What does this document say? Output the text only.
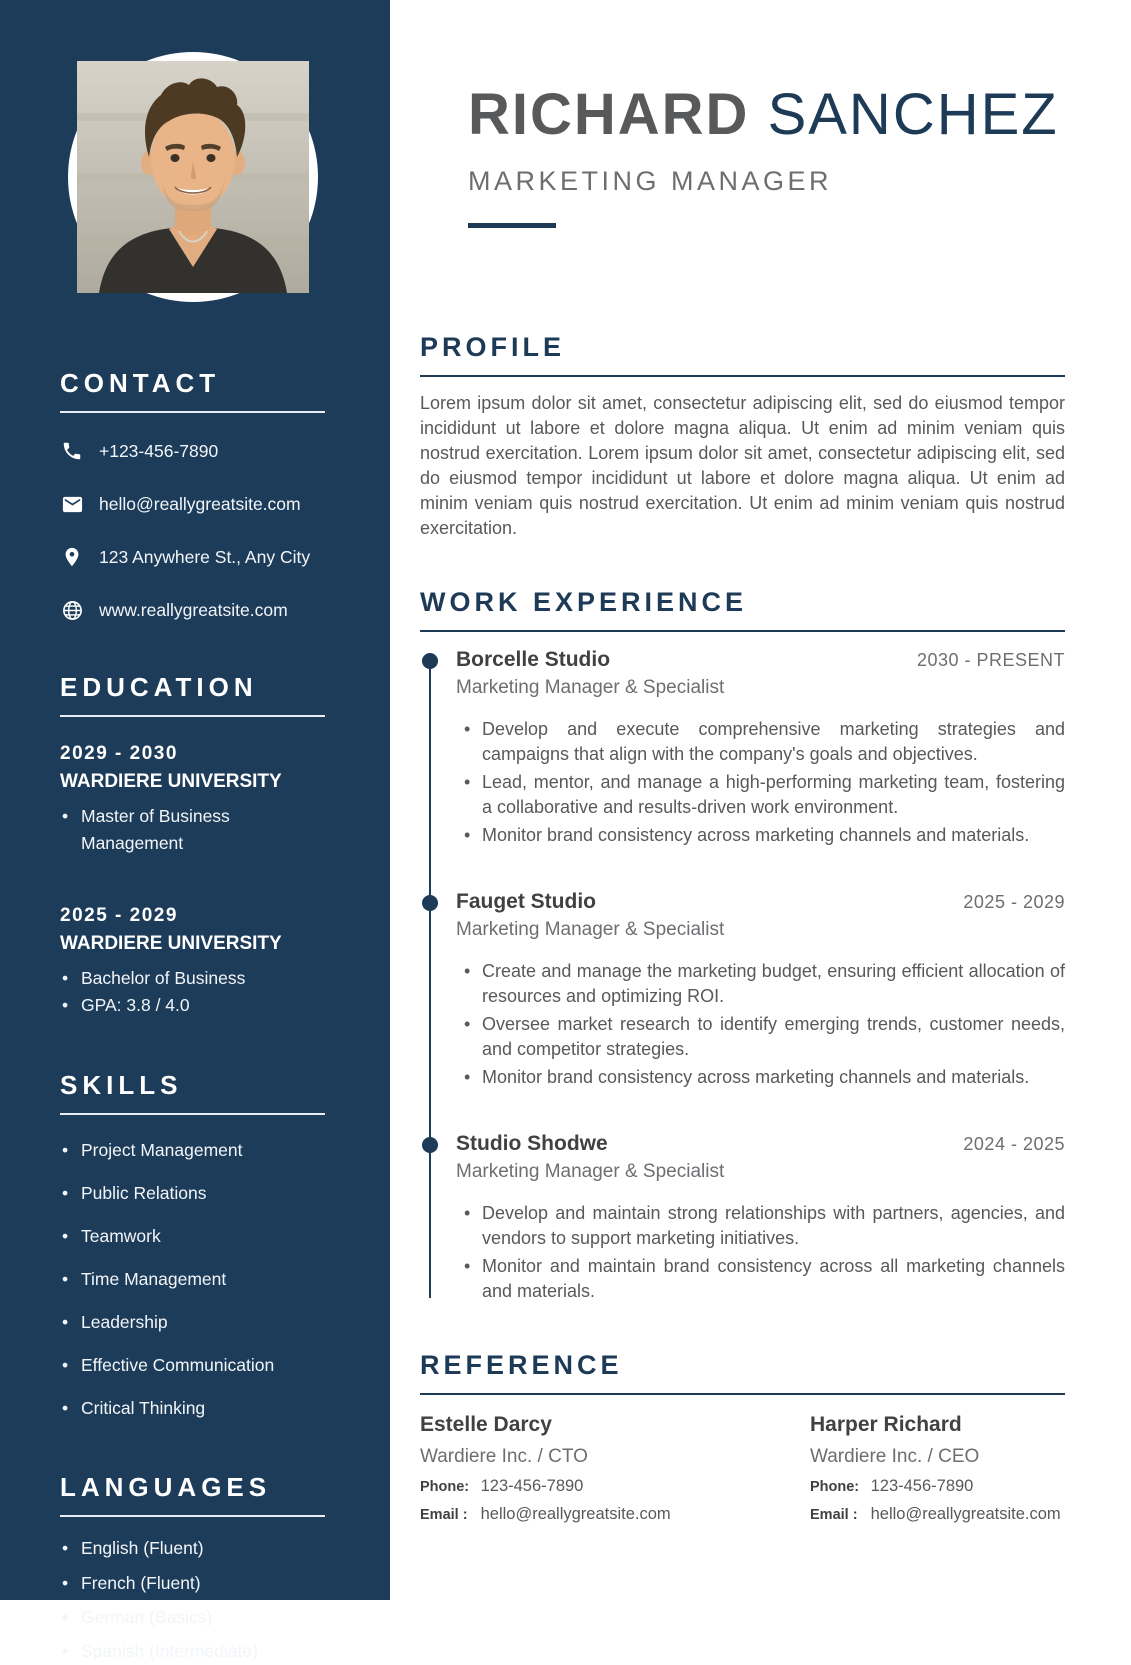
CONTACT
+123-456-7890
hello@reallygreatsite.com
123 Anywhere St., Any City
www.reallygreatsite.com
EDUCATION
2029 - 2030
WARDIERE UNIVERSITY
• Master of Business Management
2025 - 2029
WARDIERE UNIVERSITY
• Bachelor of Business
• GPA: 3.8 / 4.0
SKILLS
• Project Management
• Public Relations
• Teamwork
• Time Management
• Leadership
• Effective Communication
• Critical Thinking
LANGUAGES
• English (Fluent)
• French (Fluent)
• German (Basics)
• Spanish (Intermediate)
RICHARD SANCHEZ
MARKETING MANAGER
PROFILE

Lorem ipsum dolor sit amet, consectetur adipiscing elit, sed do eiusmod tempor incididunt ut labore et dolore magna aliqua. Ut enim ad minim veniam quis nostrud exercitation. Lorem ipsum dolor sit amet, consectetur adipiscing elit, sed do eiusmod tempor incididunt ut labore et dolore magna aliqua. Ut enim ad minim veniam quis nostrud exercitation. Ut enim ad minim veniam quis nostrud exercitation.

WORK EXPERIENCE
Borcelle Studio	2030 - PRESENT
Marketing Manager & Specialist
• Develop and execute comprehensive marketing strategies and campaigns that align with the company's goals and objectives.
• Lead, mentor, and manage a high-performing marketing team, fostering a collaborative and results-driven work environment.
• Monitor brand consistency across marketing channels and materials.
Fauget Studio	2025 - 2029
Marketing Manager & Specialist
• Create and manage the marketing budget, ensuring efficient allocation of resources and optimizing ROI.
• Oversee market research to identify emerging trends, customer needs, and competitor strategies.
• Monitor brand consistency across marketing channels and materials.
Studio Shodwe	2024 - 2025
Marketing Manager & Specialist
• Develop and maintain strong relationships with partners, agencies, and vendors to support marketing initiatives.
• Monitor and maintain brand consistency across all marketing channels and materials.
REFERENCE
Estelle Darcy
Wardiere Inc. / CTO
Phone: 123-456-7890
Email : hello@reallygreatsite.com
Harper Richard
Wardiere Inc. / CEO
Phone: 123-456-7890
Email : hello@reallygreatsite.com
